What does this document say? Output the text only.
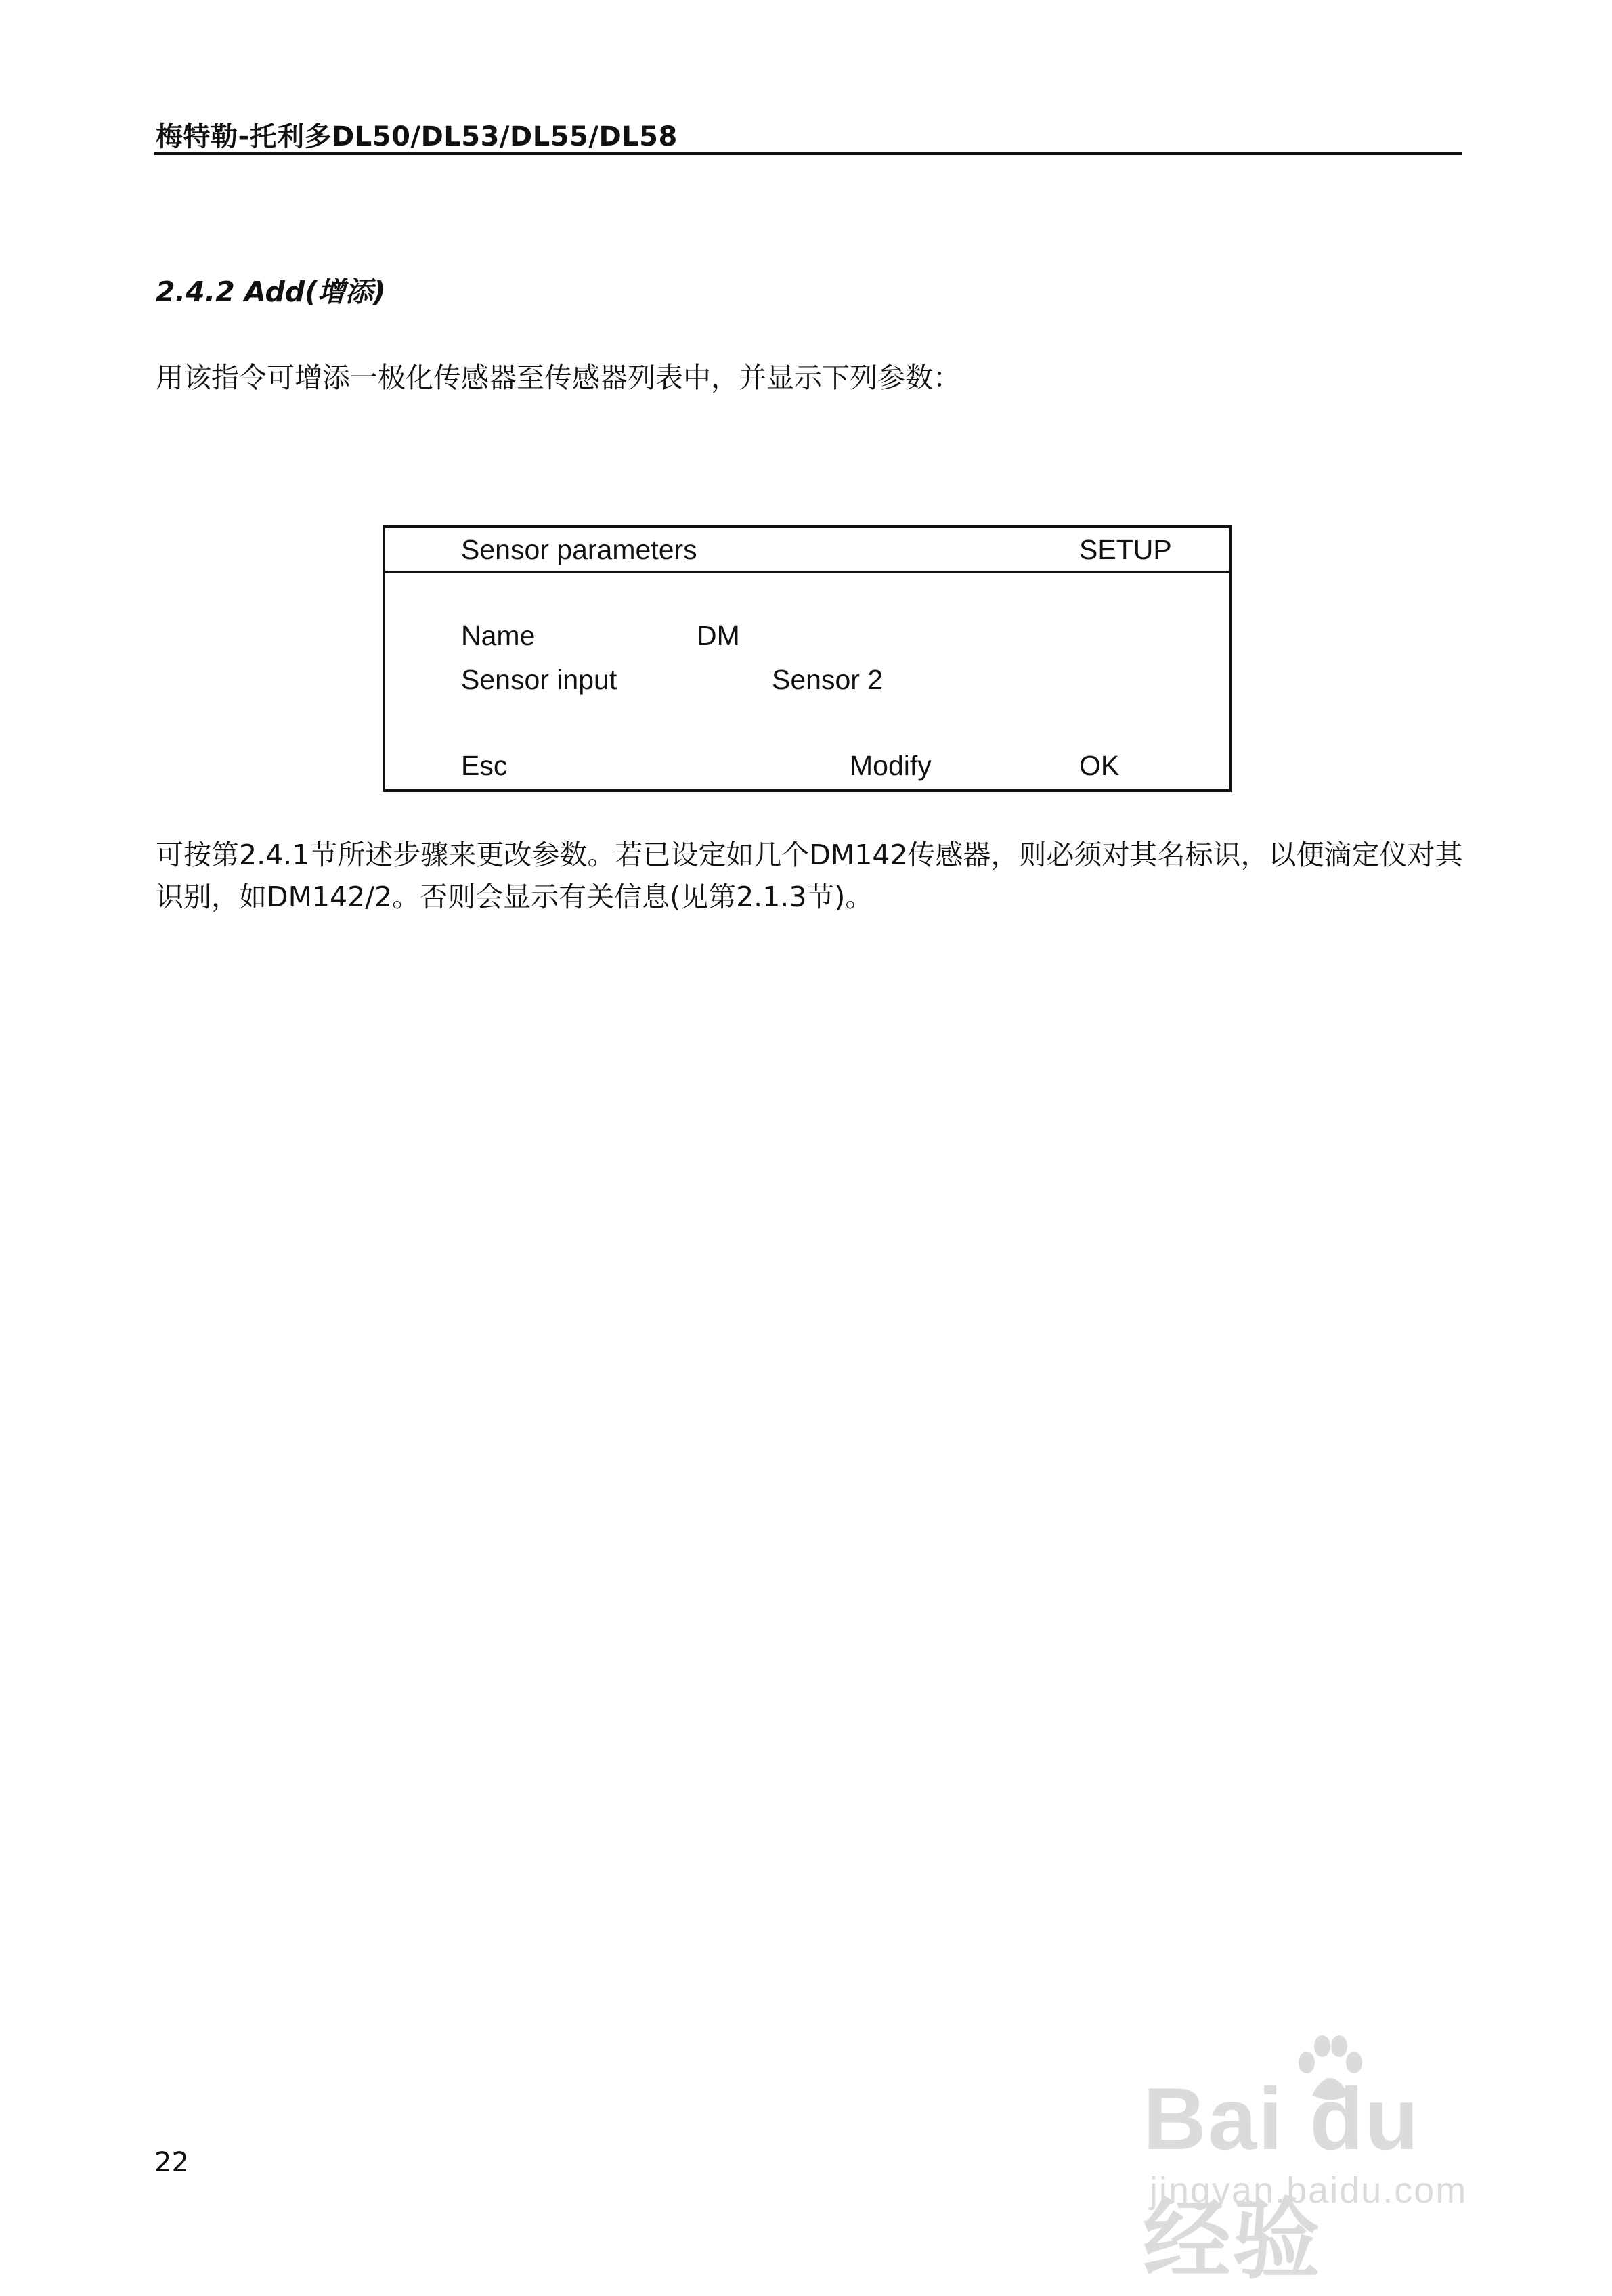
梅特勒-托利多DL50/DL53/DL55/DL58
2.4.2 Add(增添)
用该指令可增添一极化传感器至传感器列表中，并显示下列参数：
Sensor parameters	SETUP
Name	DM
Sensor input	Sensor 2
Esc	Modify	OK
可按第2.4.1节所述步骤来更改参数。若已设定如几个DM142传感器，则必须对其名标识，以便滴定仪对其识别，如DM142/2。否则会显示有关信息(见第2.1.3节)。
22	Bai du 经验
jingyan.baidu.com
